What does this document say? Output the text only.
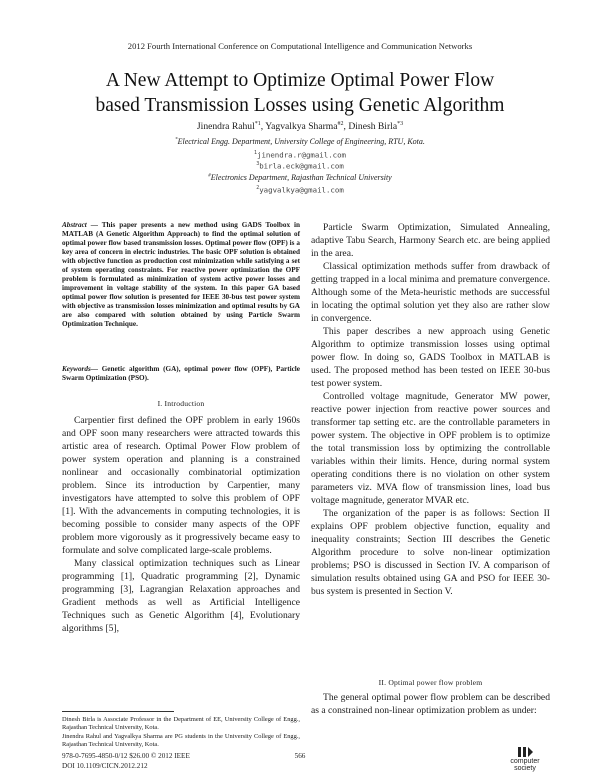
2012 Fourth International Conference on Computational Intelligence and Communication Networks
A New Attempt to Optimize Optimal Power Flow
based Transmission Losses using Genetic Algorithm
Jinendra Rahul$^{*1}$, Yagvalkya Sharma$^{\#2}$, Dinesh Birla$^{*3}$
*Electrical Engg. Department, University College of Engineering, RTU, Kota.
$^1$jinendra.r@gmail.com
$^3$birla.eck@gmail.com
#Electronics Department, Rajasthan Technical University
$^2$yagvalkya@gmail.com
Abstract — This paper presents a new method using GADS Toolbox in MATLAB (A Genetic Algorithm Approach) to find the optimal solution of optimal power flow based transmission losses. Optimal power flow (OPF) is a key area of concern in electric industries. The basic OPF solution is obtained with objective function as production cost minimization while satisfying a set of system operating constraints. For reactive power optimization the OPF problem is formulated as minimization of system active power losses and improvement in voltage stability of the system. In this paper GA based optimal power flow solution is presented for IEEE 30-bus test power system with objective as transmission losses minimization and optimal results by GA are also compared with solution obtained by using Particle Swarm Optimization Technique.
Keywords— Genetic algorithm (GA), optimal power flow (OPF), Particle Swarm Optimization (PSO).
I. Introduction

Carpentier first defined the OPF problem in early 1960s and OPF soon many researchers were attracted towards this artistic area of research. Optimal Power Flow problem of power system operation and planning is a constrained nonlinear and occasionally combinatorial optimization problem. Since its introduction by Carpentier, many investigators have attempted to solve this problem of OPF [1]. With the advancements in computing technologies, it is becoming possible to consider many aspects of the OPF problem more vigorously as it progressively became easy to formulate and solve complicated large-scale problems.

Many classical optimization techniques such as Linear programming [1], Quadratic programming [2], Dynamic programming [3], Lagrangian Relaxation approaches and Gradient methods as well as Artificial Intelligence Techniques such as Genetic Algorithm [4], Evolutionary algorithms [5],

Dinesh Birla is Associate Professor in the Department of EE, University College of Engg., Rajasthan Technical University, Kota.
Jinendra Rahul and Yagvalkya Sharma are PG students in the University College of Engg., Rajasthan Technical University, Kota.

Particle Swarm Optimization, Simulated Annealing, adaptive Tabu Search, Harmony Search etc. are being applied in the area.

Classical optimization methods suffer from drawback of getting trapped in a local minima and premature convergence. Although some of the Meta-heuristic methods are successful in locating the optimal solution yet they also are rather slow in convergence.

This paper describes a new approach using Genetic Algorithm to optimize transmission losses using optimal power flow. In doing so, GADS Toolbox in MATLAB is used. The proposed method has been tested on IEEE 30-bus test power system.

Controlled voltage magnitude, Generator MW power, reactive power injection from reactive power sources and transformer tap setting etc. are the controllable parameters in power system. The objective in OPF problem is to optimize the total transmission loss by optimizing the controllable variables within their limits. Hence, during normal system operating conditions there is no violation on other system parameters viz. MVA flow of transmission lines, load bus voltage magnitude, generator MVAR etc.

The organization of the paper is as follows: Section II explains OPF problem objective function, equality and inequality constraints; Section III describes the Genetic Algorithm procedure to solve non-linear optimization problems; PSO is discussed in Section IV. A comparison of simulation results obtained using GA and PSO for IEEE 30-bus system is presented in Section V.

II. Optimal power flow problem

The general optimal power flow problem can be described as a constrained non-linear optimization problem as under:

978-0-7695-4850-0/12 $26.00 © 2012 IEEE
DOI 10.1109/CICN.2012.212
566
computer
society
